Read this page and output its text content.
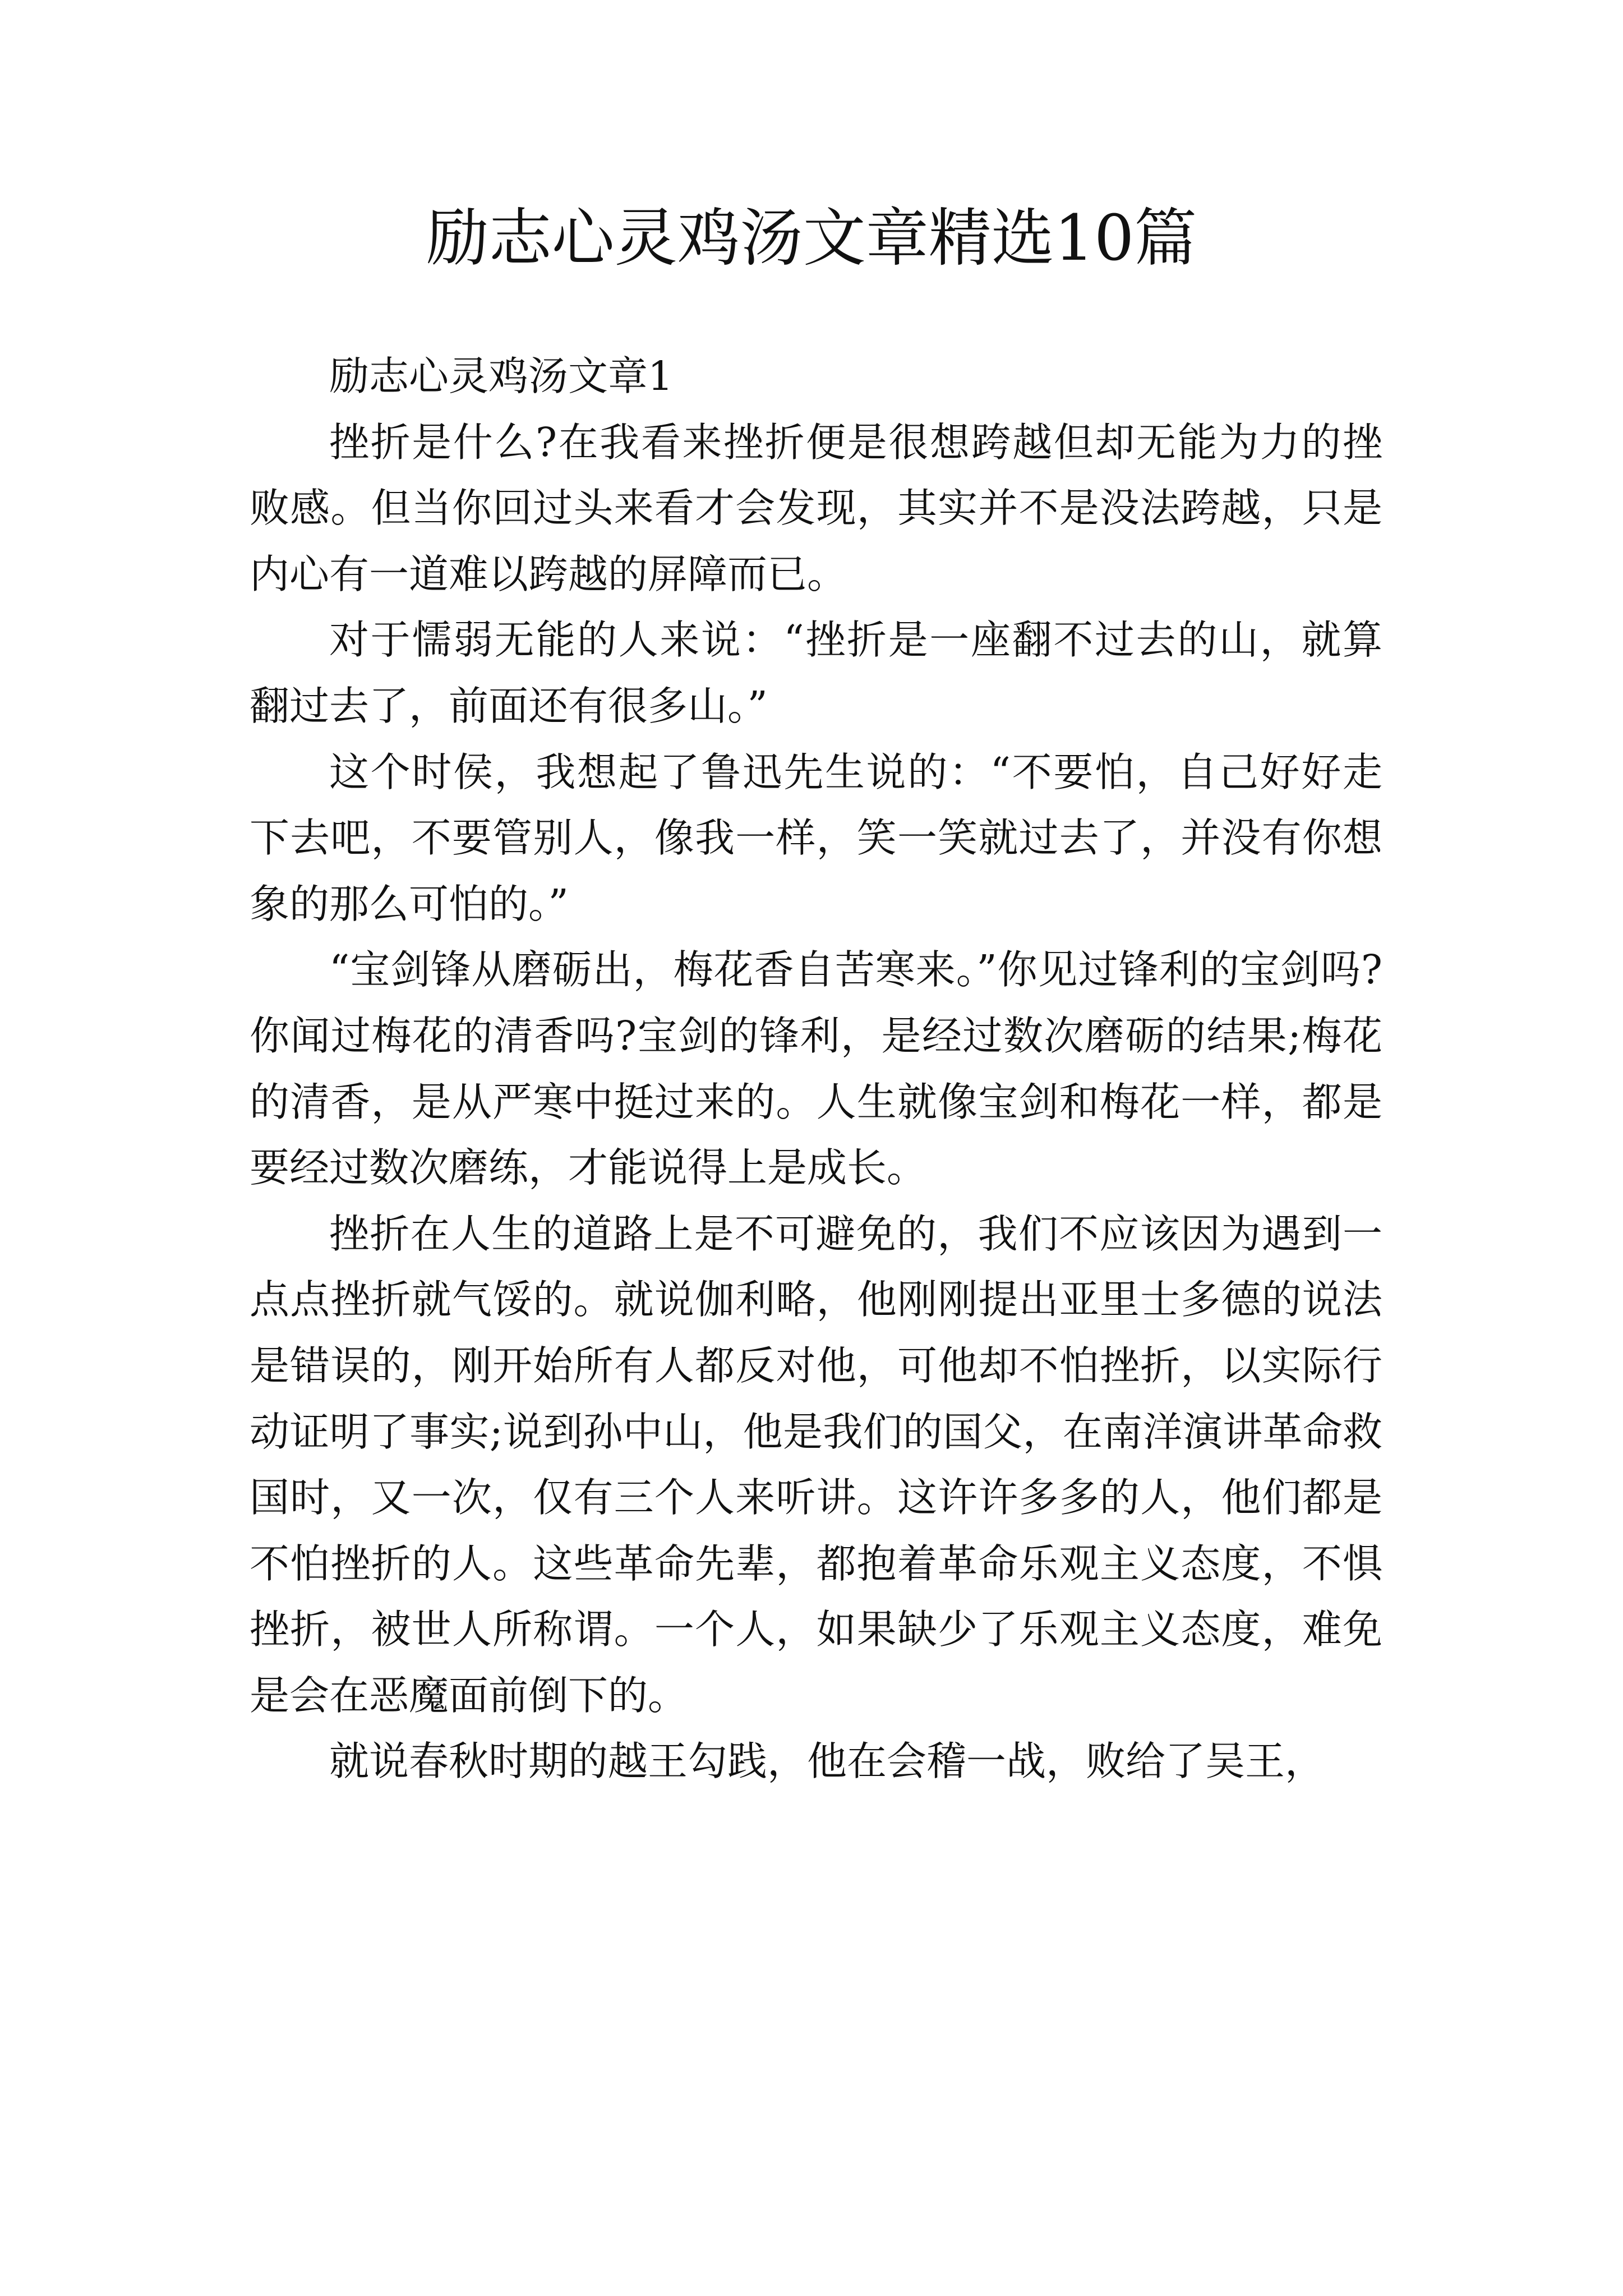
励志心灵鸡汤文章精选10篇

励志心灵鸡汤文章1

挫折是什么?在我看来挫折便是很想跨越但却无能为力的挫败感。但当你回过头来看才会发现，其实并不是没法跨越，只是内心有一道难以跨越的屏障而已。

对于懦弱无能的人来说：“挫折是一座翻不过去的山，就算翻过去了，前面还有很多山。”

这个时侯，我想起了鲁迅先生说的：“不要怕，自己好好走下去吧，不要管别人，像我一样，笑一笑就过去了，并没有你想象的那么可怕的。”

“宝剑锋从磨砺出，梅花香自苦寒来。”你见过锋利的宝剑吗?你闻过梅花的清香吗?宝剑的锋利，是经过数次磨砺的结果;梅花的清香，是从严寒中挺过来的。人生就像宝剑和梅花一样，都是要经过数次磨练，才能说得上是成长。

挫折在人生的道路上是不可避免的，我们不应该因为遇到一点点挫折就气馁的。就说伽利略，他刚刚提出亚里士多德的说法是错误的，刚开始所有人都反对他，可他却不怕挫折，以实际行动证明了事实;说到孙中山，他是我们的国父，在南洋演讲革命救国时，又一次，仅有三个人来听讲。这许许多多的人，他们都是不怕挫折的人。这些革命先辈，都抱着革命乐观主义态度，不惧挫折，被世人所称谓。一个人，如果缺少了乐观主义态度，难免是会在恶魔面前倒下的。

就说春秋时期的越王勾践，他在会稽一战，败给了吴王，
